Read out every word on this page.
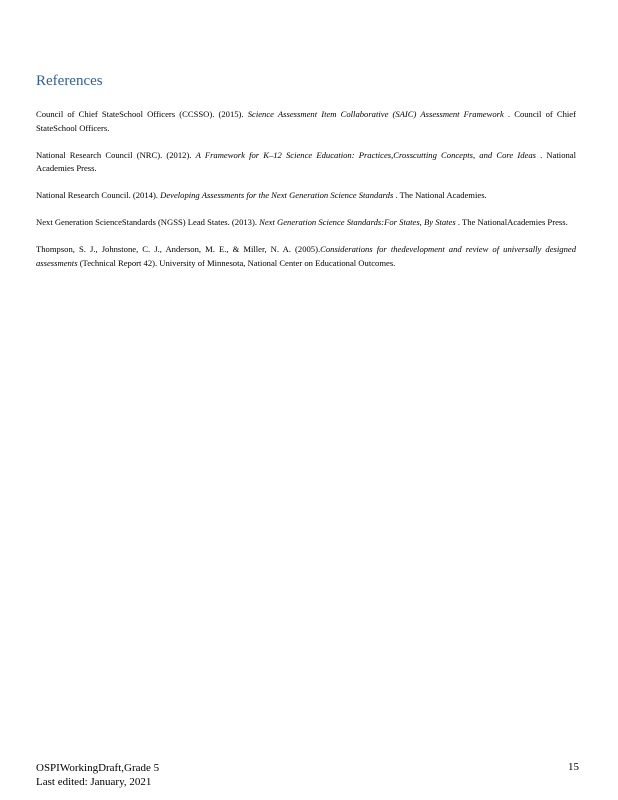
References

Council of Chief StateSchool Officers (CCSSO). (2015). Science Assessment Item Collaborative (SAIC) Assessment Framework . Council of Chief StateSchool Officers.

National Research Council (NRC). (2012). A Framework for K–12 Science Education: Practices,Crosscutting Concepts, and Core Ideas . National Academies Press.

National Research Council. (2014). Developing Assessments for the Next Generation Science Standards . The National Academies.

Next Generation ScienceStandards (NGSS) Lead States. (2013). Next Generation Science Standards:For States, By States . The NationalAcademies Press.

Thompson, S. J., Johnstone, C. J., Anderson, M. E., & Miller, N. A. (2005).Considerations for thedevelopment and review of universally designed assessments (Technical Report 42). University of Minnesota, National Center on Educational Outcomes.

OSPIWorkingDraft,Grade 5
Last edited: January, 2021
15
